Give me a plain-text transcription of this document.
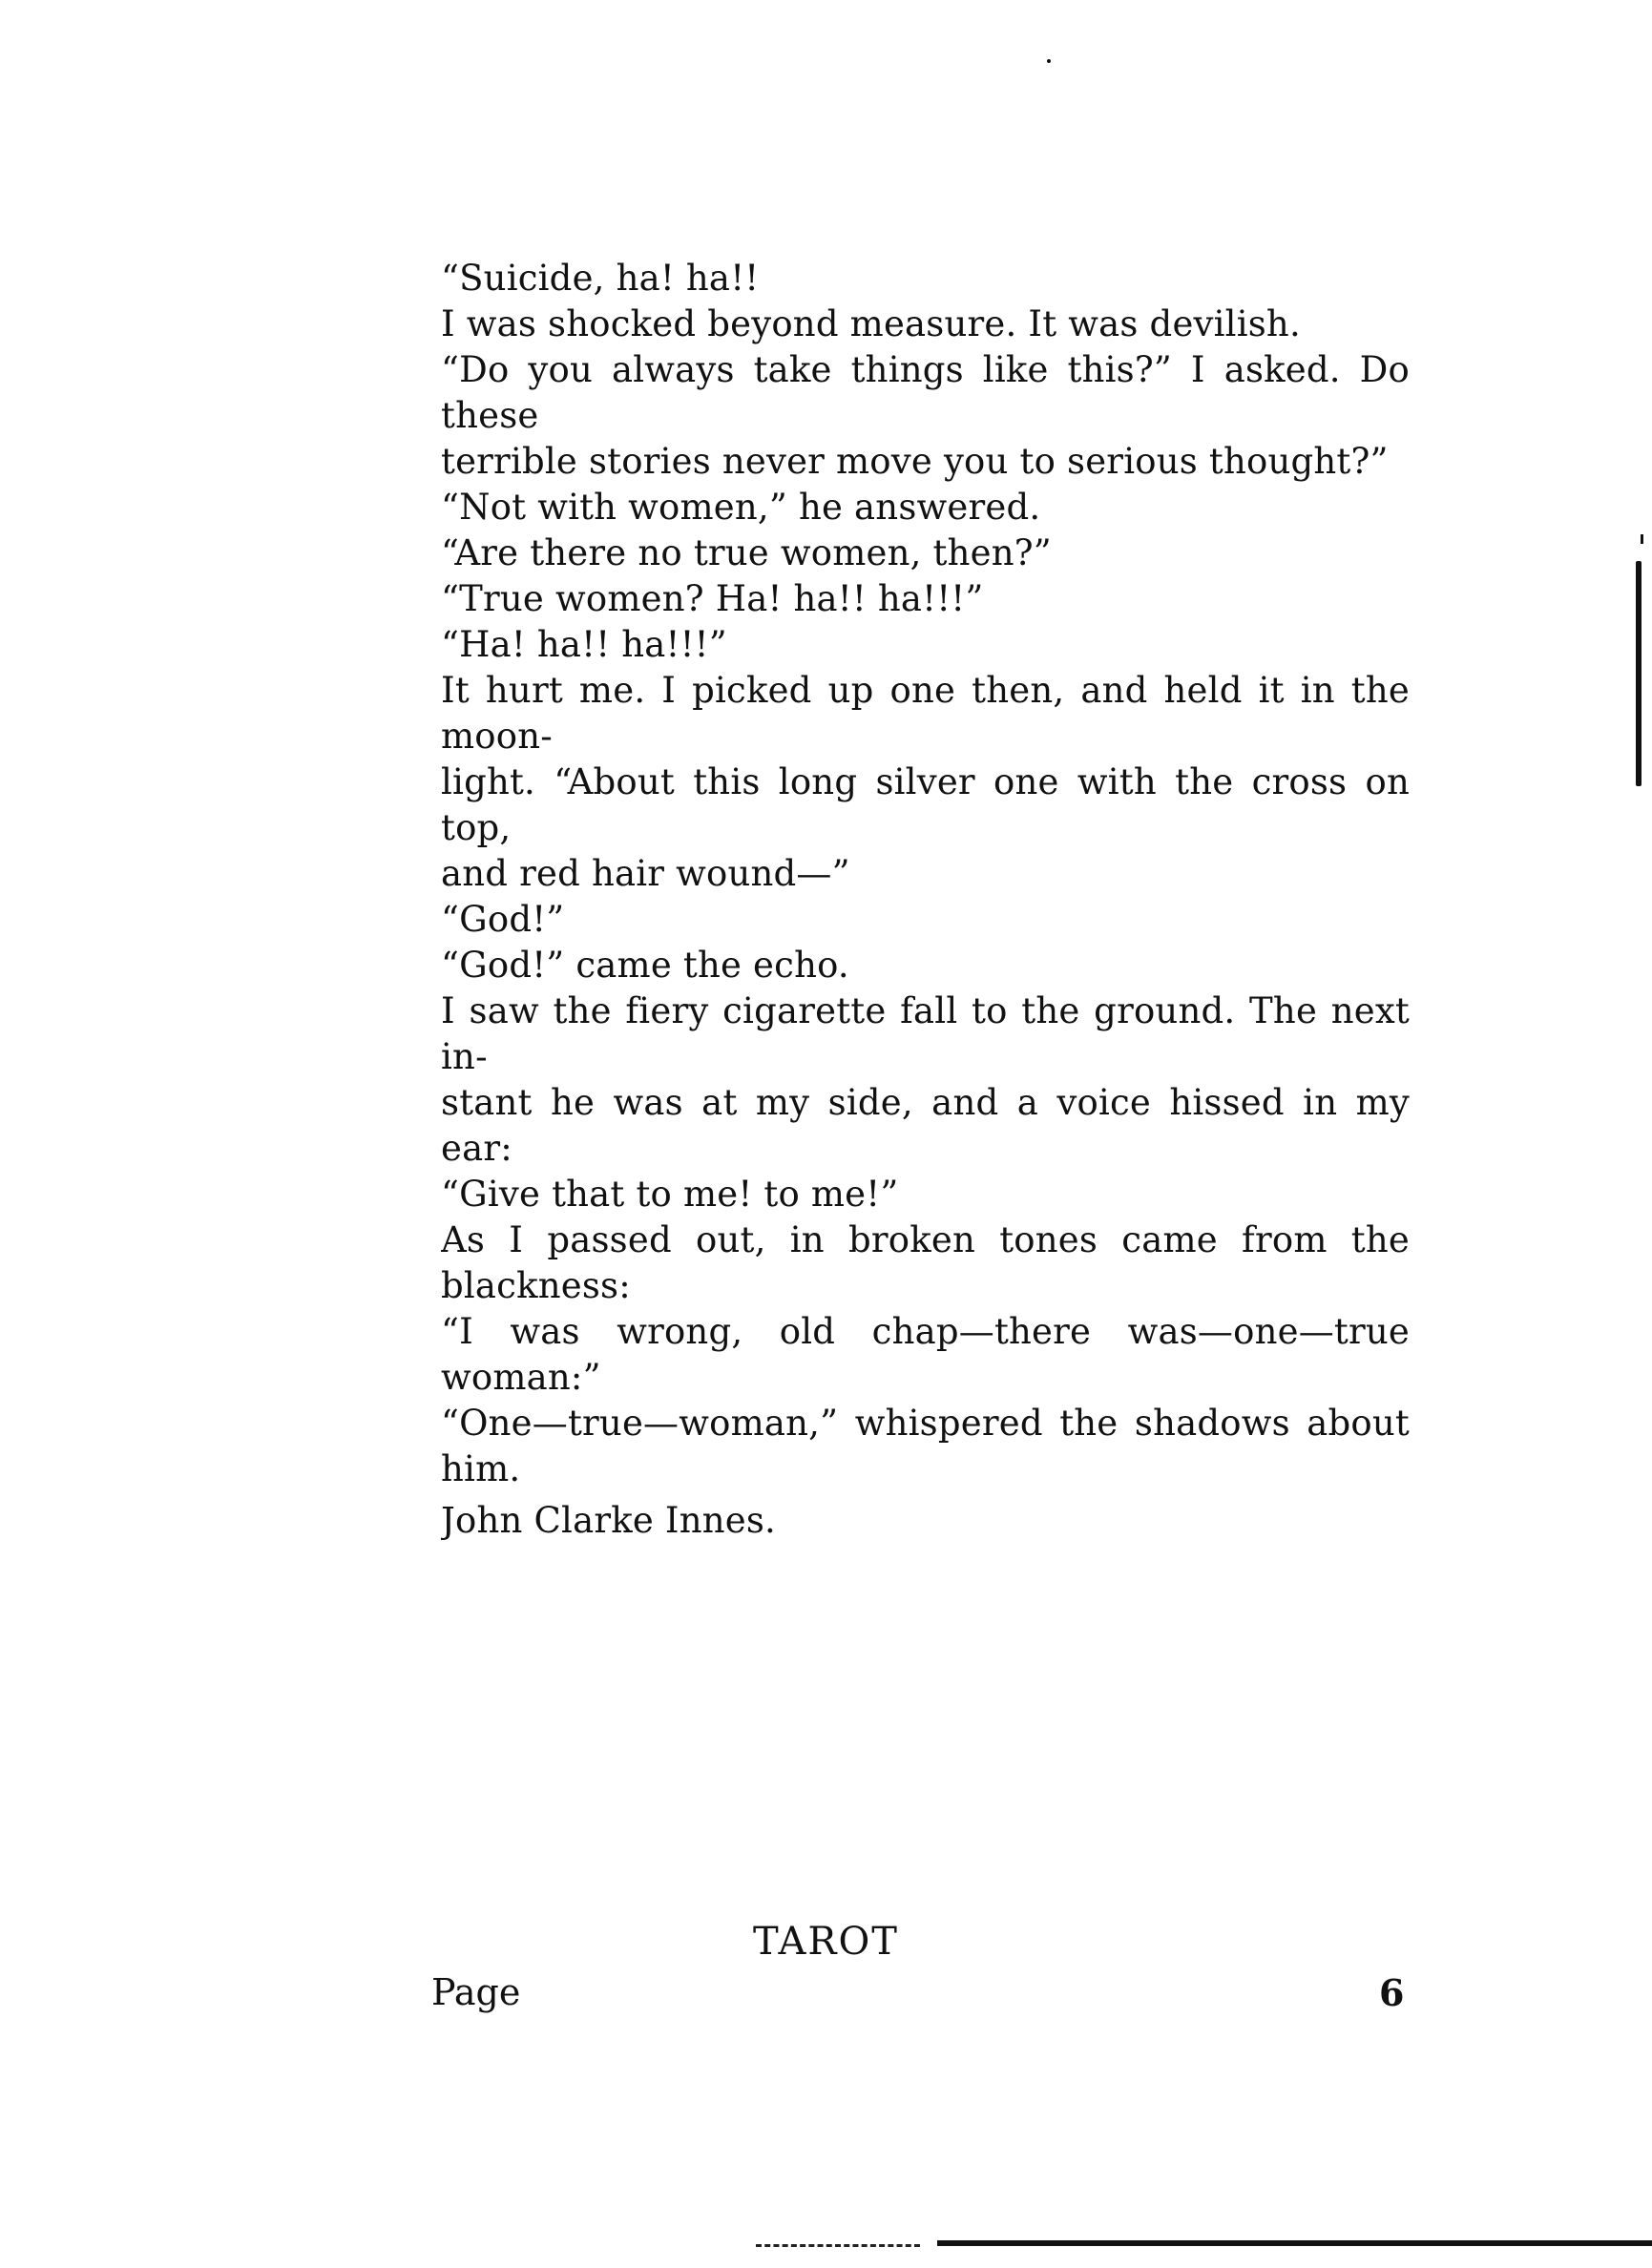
“Suicide, ha! ha!!
I was shocked beyond measure. It was devilish.
“Do you always take things like this?” I asked. Do these
terrible stories never move you to serious thought?”
“Not with women,” he answered.
“Are there no true women, then?”
“True women? Ha! ha!! ha!!!”
“Ha! ha!! ha!!!”
It hurt me. I picked up one then, and held it in the moon-
light. “About this long silver one with the cross on top,
and red hair wound—”
“God!”
“God!” came the echo.
I saw the fiery cigarette fall to the ground. The next in-
stant he was at my side, and a voice hissed in my ear:
“Give that to me! to me!”
As I passed out, in broken tones came from the blackness:
“I was wrong, old chap—there was—one—true woman:”
“One—true—woman,” whispered the shadows about him.
John Clarke Innes.
TAROT
Page	6
